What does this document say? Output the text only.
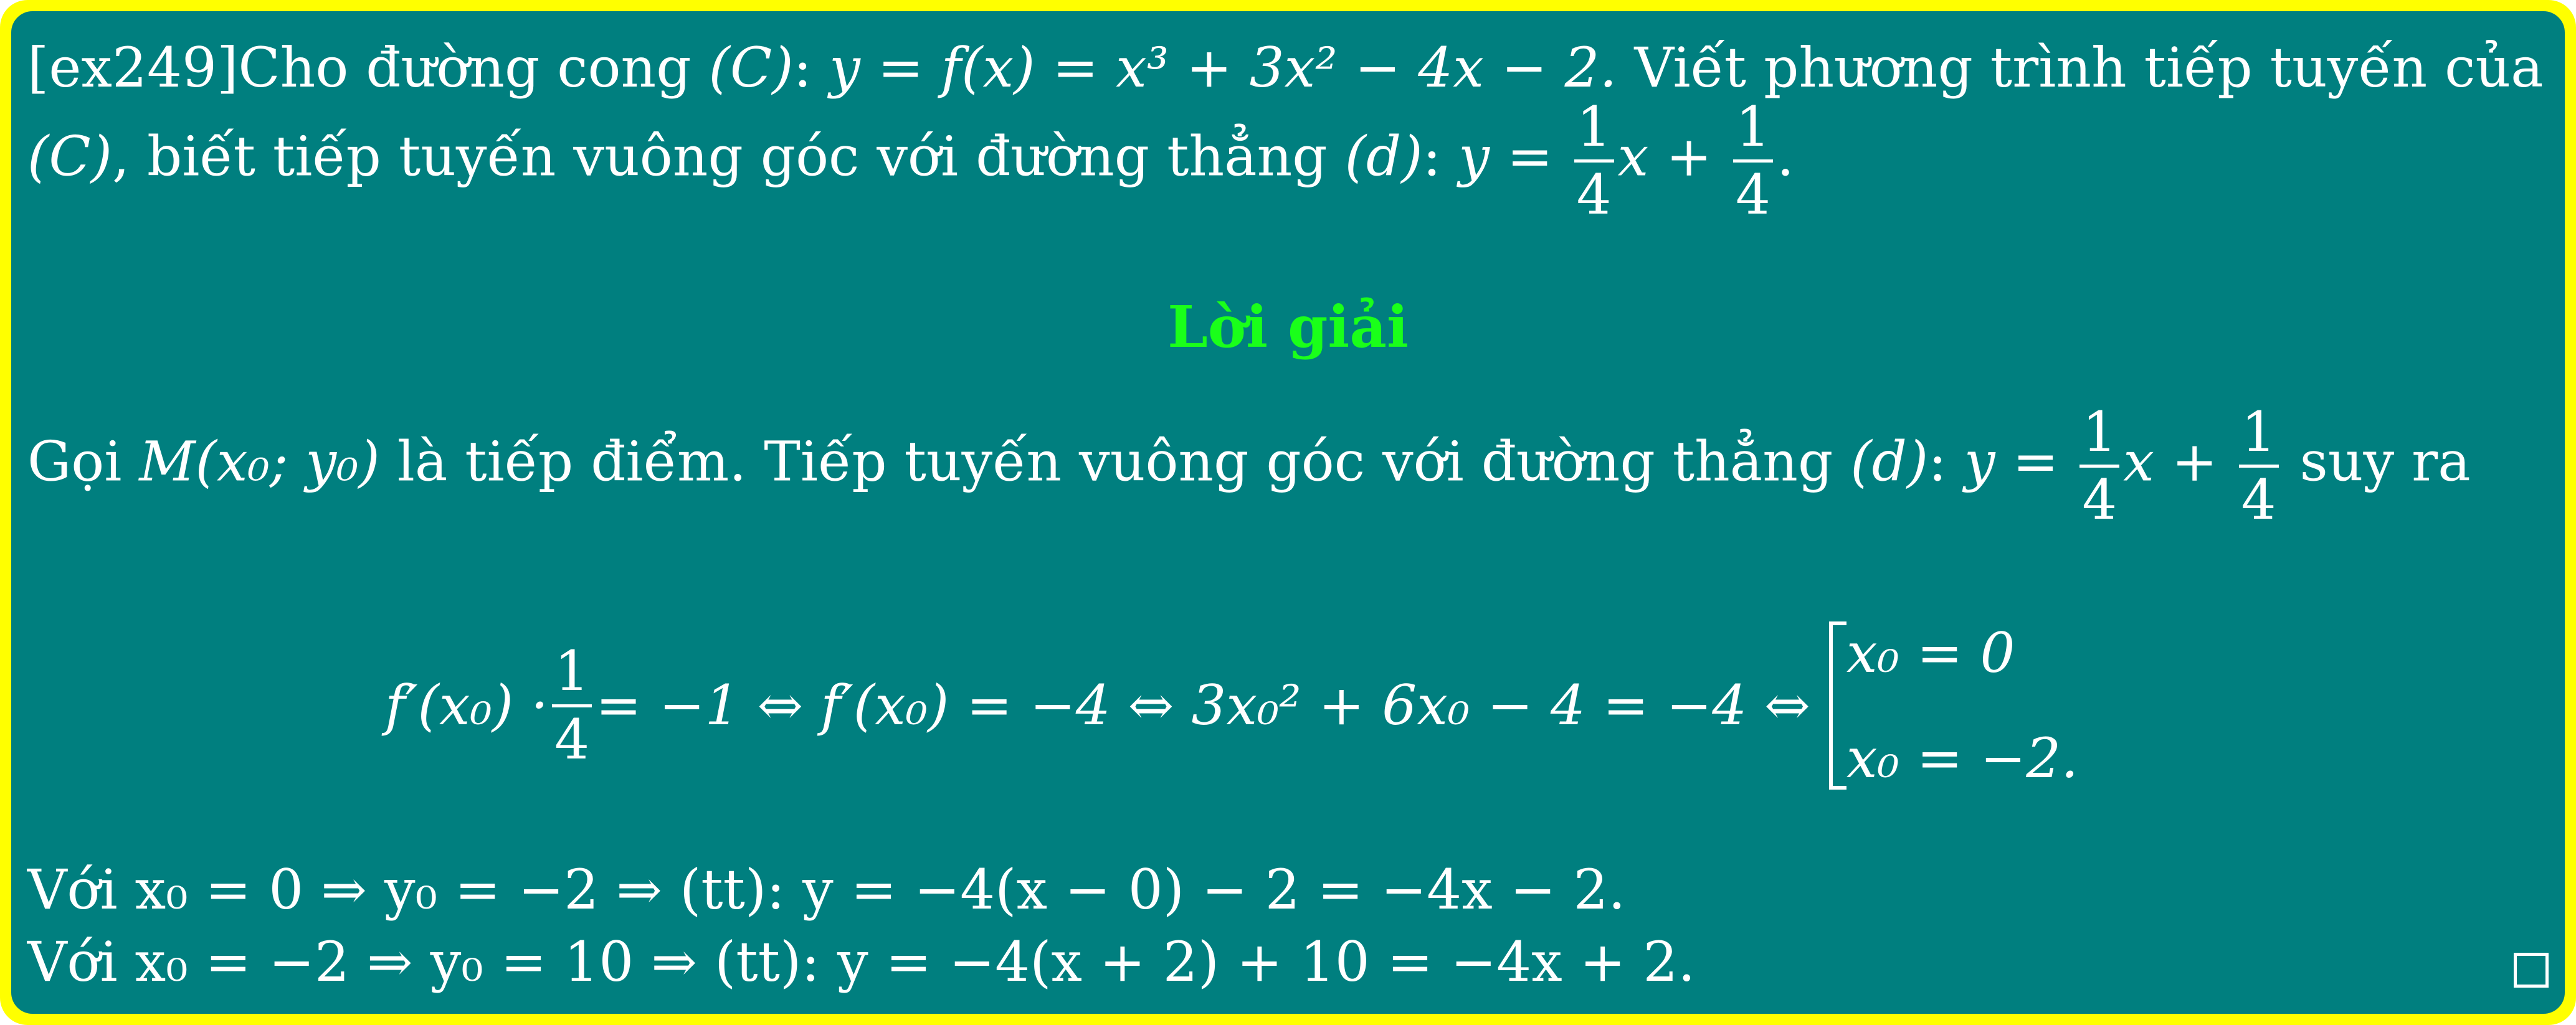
[ex249]Cho đường cong (C): y = f(x) = x³ + 3x² − 4x − 2. Viết phương trình tiếp tuyến của
(C), biết tiếp tuyến vuông góc với đường thẳng (d): $y = \frac{1}{4}$ $x + \frac{1}{4}$ .
Lời giải
Gọi M(x₀; y₀) là tiếp điểm. Tiếp tuyến vuông góc với đường thẳng (d): $y = \frac{1}{4}$ $x + \frac{1}{4}$ suy ra
$f'(x_0) \cdot \frac{1}{4} = -1$ ⇔ f′(x₀) = −4 ⇔ 3x₀² + 6x₀ − 4 = −4 ⇔
x₀ = 0
x₀ = −2.
Với x₀ = 0 ⇒ y₀ = −2 ⇒ (tt): y = −4(x − 0) − 2 = −4x − 2.
Với x₀ = −2 ⇒ y₀ = 10 ⇒ (tt): y = −4(x + 2) + 10 = −4x + 2.
